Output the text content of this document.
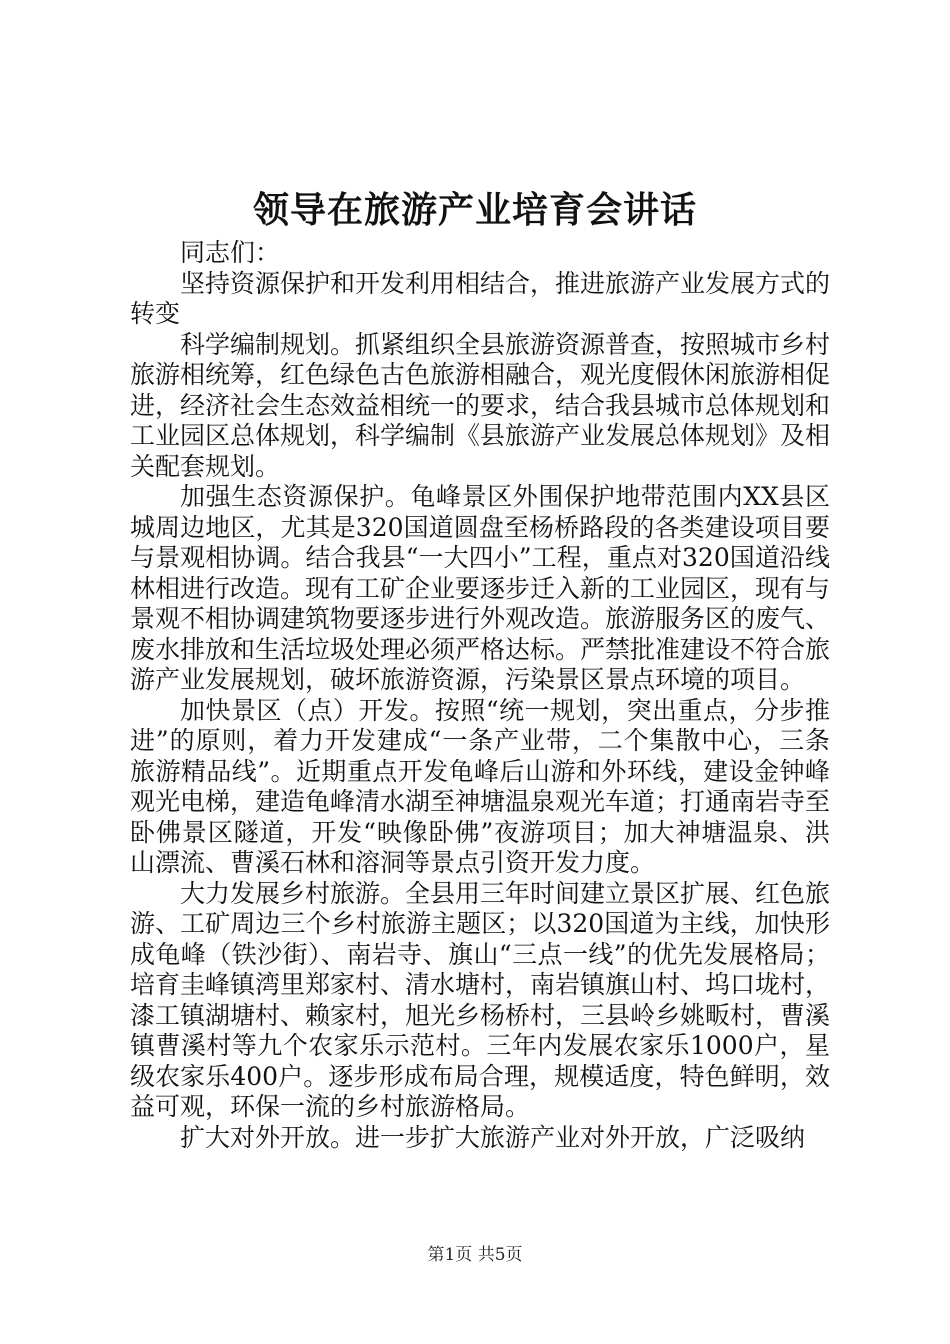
领导在旅游产业培育会讲话

同志们：

坚持资源保护和开发利用相结合，推进旅游产业发展方式的转变

科学编制规划。抓紧组织全县旅游资源普查，按照城市乡村旅游相统筹，红色绿色古色旅游相融合，观光度假休闲旅游相促进，经济社会生态效益相统一的要求，结合我县城市总体规划和工业园区总体规划，科学编制《县旅游产业发展总体规划》及相关配套规划。

加强生态资源保护。龟峰景区外围保护地带范围内XX县区城周边地区，尤其是320国道圆盘至杨桥路段的各类建设项目要与景观相协调。结合我县“一大四小”工程，重点对320国道沿线林相进行改造。现有工矿企业要逐步迁入新的工业园区，现有与景观不相协调建筑物要逐步进行外观改造。旅游服务区的废气、废水排放和生活垃圾处理必须严格达标。严禁批准建设不符合旅游产业发展规划，破坏旅游资源，污染景区景点环境的项目。

加快景区（点）开发。按照“统一规划，突出重点，分步推进”的原则，着力开发建成“一条产业带，二个集散中心，三条旅游精品线”。近期重点开发龟峰后山游和外环线，建设金钟峰观光电梯，建造龟峰清水湖至神塘温泉观光车道；打通南岩寺至卧佛景区隧道，开发“映像卧佛”夜游项目；加大神塘温泉、洪山漂流、曹溪石林和溶洞等景点引资开发力度。

大力发展乡村旅游。全县用三年时间建立景区扩展、红色旅游、工矿周边三个乡村旅游主题区；以320国道为主线，加快形成龟峰（铁沙街）、南岩寺、旗山“三点一线”的优先发展格局；培育圭峰镇湾里郑家村、清水塘村，南岩镇旗山村、坞口垅村，漆工镇湖塘村、赖家村，旭光乡杨桥村，三县岭乡姚畈村，曹溪镇曹溪村等九个农家乐示范村。三年内发展农家乐1000户，星级农家乐400户。逐步形成布局合理，规模适度，特色鲜明，效益可观，环保一流的乡村旅游格局。

扩大对外开放。进一步扩大旅游产业对外开放，广泛吸纳

第1页 共5页
